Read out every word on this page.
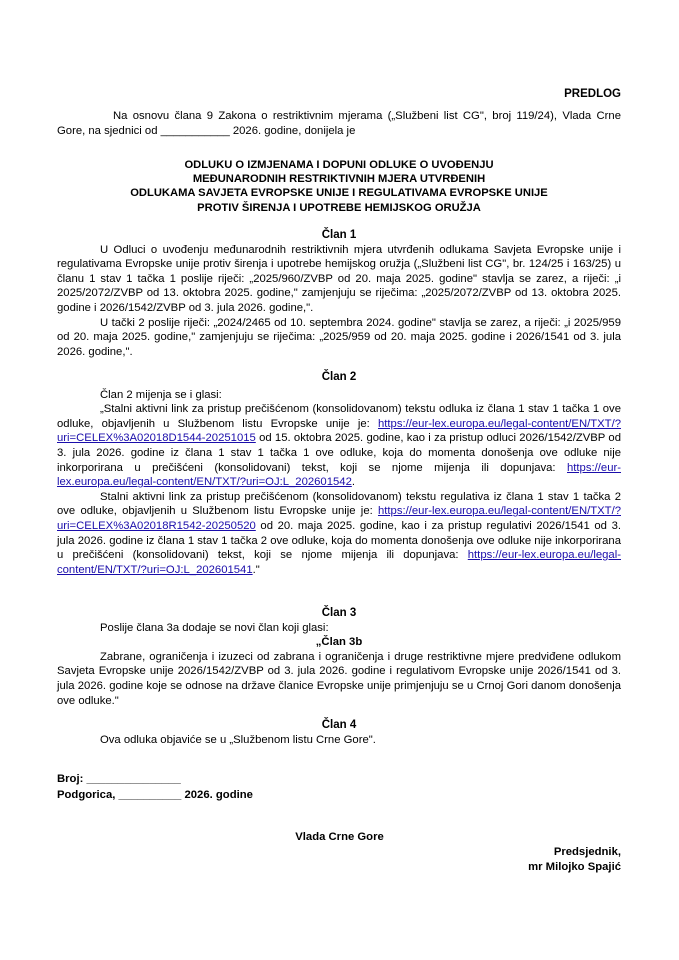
PREDLOG
Na osnovu člana 9 Zakona o restriktivnim mjerama („Službeni list CG", broj 119/24), Vlada Crne Gore, na sjednici od ___________ 2026. godine, donijela je
ODLUKU O IZMJENAMA I DOPUNI ODLUKE O UVOĐENJU
MEĐUNARODNIH RESTRIKTIVNIH MJERA UTVRĐENIH
ODLUKAMA SAVJETA EVROPSKE UNIJE I REGULATIVAMA EVROPSKE UNIJE
PROTIV ŠIRENJA I UPOTREBE HEMIJSKOG ORUŽJA
Član 1

U Odluci o uvođenju međunarodnih restriktivnih mjera utvrđenih odlukama Savjeta Evropske unije i regulativama Evropske unije protiv širenja i upotrebe hemijskog oružja („Službeni list CG", br. 124/25 i 163/25) u članu 1 stav 1 tačka 1 poslije riječi: „2025/960/ZVBP od 20. maja 2025. godine" stavlja se zarez, a riječi: „i 2025/2072/ZVBP od 13. oktobra 2025. godine," zamjenjuju se riječima: „2025/2072/ZVBP od 13. oktobra 2025. godine i 2026/1542/ZVBP od 3. jula 2026. godine,".

U tački 2 poslije riječi: „2024/2465 od 10. septembra 2024. godine" stavlja se zarez, a riječi: „i 2025/959 od 20. maja 2025. godine," zamjenjuju se riječima: „2025/959 od 20. maja 2025. godine i 2026/1541 od 3. jula 2026. godine,".

Član 2

Član 2 mijenja se i glasi:

„Stalni aktivni link za pristup prečišćenom (konsolidovanom) tekstu odluka iz člana 1 stav 1 tačka 1 ove odluke, objavljenih u Službenom listu Evropske unije je: https://eur-lex.europa.eu/legal-content/EN/TXT/?uri=CELEX%3A02018D1544-20251015 od 15. oktobra 2025. godine, kao i za pristup odluci 2026/1542/ZVBP od 3. jula 2026. godine iz člana 1 stav 1 tačka 1 ove odluke, koja do momenta donošenja ove odluke nije inkorporirana u prečišćeni (konsolidovani) tekst, koji se njome mijenja ili dopunjava: https://eur-lex.europa.eu/legal-content/EN/TXT/?uri=OJ:L_202601542.

Stalni aktivni link za pristup prečišćenom (konsolidovanom) tekstu regulativa iz člana 1 stav 1 tačka 2 ove odluke, objavljenih u Službenom listu Evropske unije je: https://eur-lex.europa.eu/legal-content/EN/TXT/?uri=CELEX%3A02018R1542-20250520 od 20. maja 2025. godine, kao i za pristup regulativi 2026/1541 od 3. jula 2026. godine iz člana 1 stav 1 tačka 2 ove odluke, koja do momenta donošenja ove odluke nije inkorporirana u prečišćeni (konsolidovani) tekst, koji se njome mijenja ili dopunjava: https://eur-lex.europa.eu/legal-content/EN/TXT/?uri=OJ:L_202601541."

Član 3

Poslije člana 3a dodaje se novi član koji glasi:

„Član 3b

Zabrane, ograničenja i izuzeci od zabrana i ograničenja i druge restriktivne mjere predviđene odlukom Savjeta Evropske unije 2026/1542/ZVBP od 3. jula 2026. godine i regulativom Evropske unije 2026/1541 od 3. jula 2026. godine koje se odnose na države članice Evropske unije primjenjuju se u Crnoj Gori danom donošenja ove odluke."

Član 4

Ova odluka objaviće se u „Službenom listu Crne Gore".

Broj: _______________
Podgorica, __________ 2026. godine
Vlada Crne Gore
Predsjednik,
mr Milojko Spajić
